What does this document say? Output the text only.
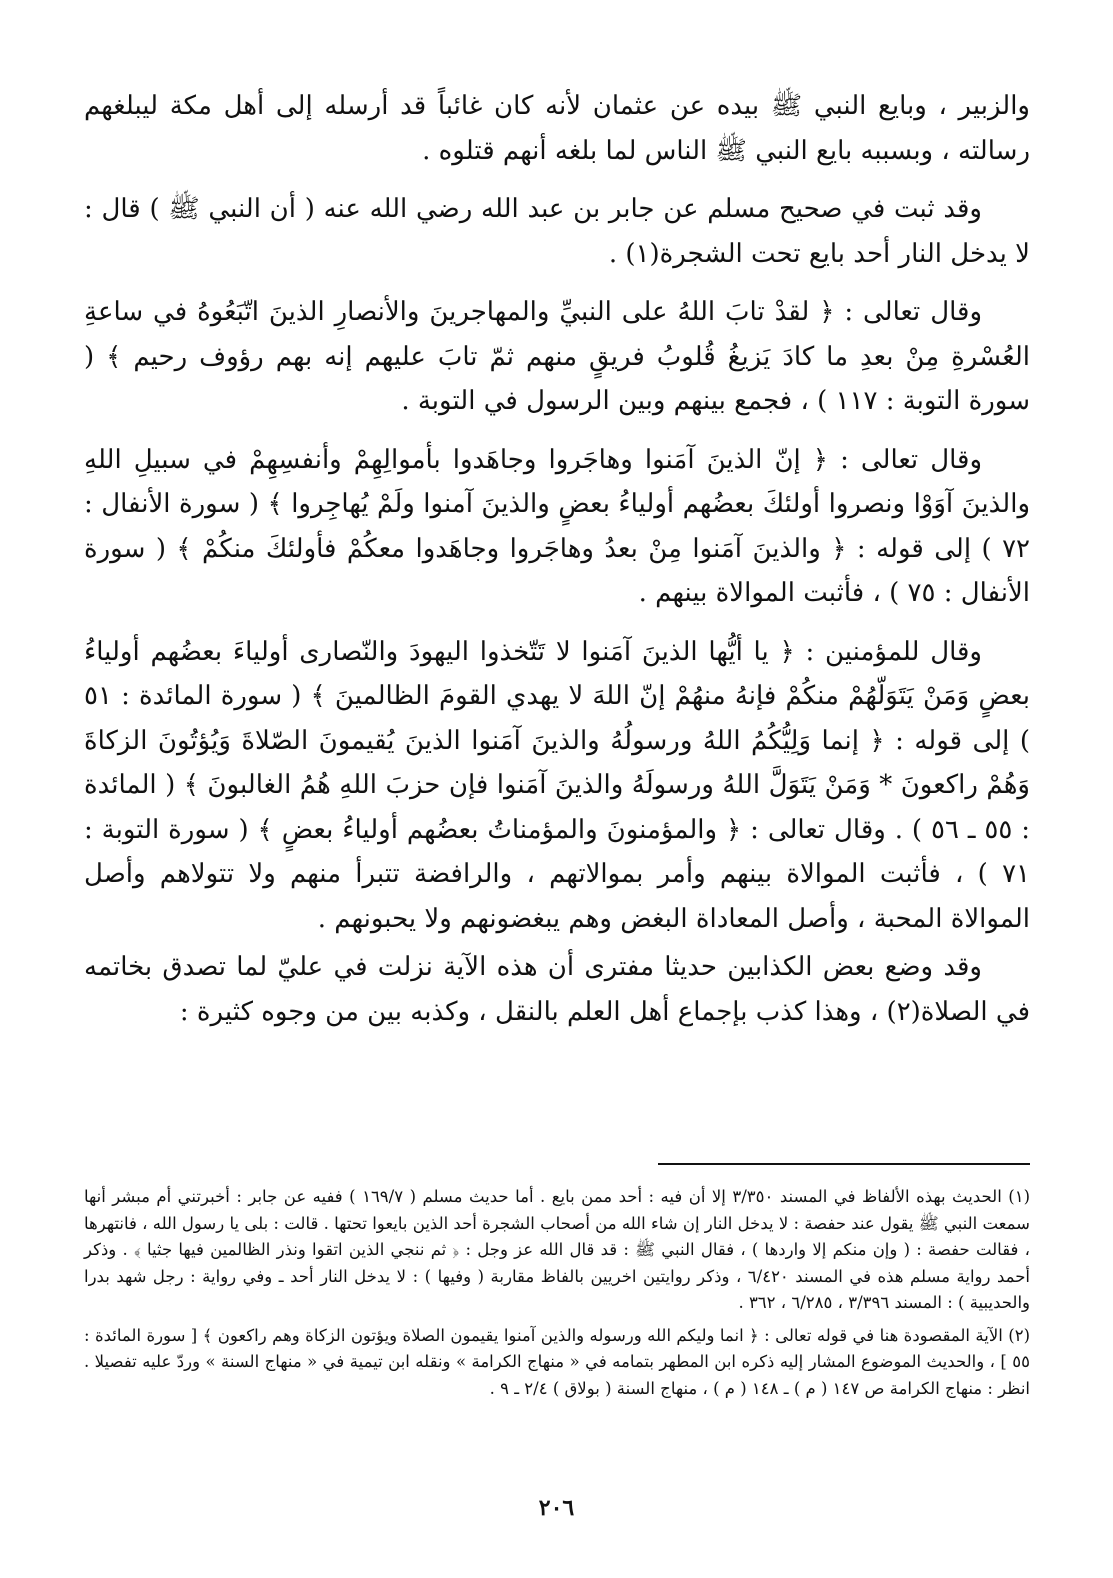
والزبير ، وبايع النبي ﷺ بيده عن عثمان لأنه كان غائباً قد أرسله إلى أهل مكة ليبلغهم رسالته ، وبسببه بايع النبي ﷺ الناس لما بلغه أنهم قتلوه .

وقد ثبت في صحيح مسلم عن جابر بن عبد الله رضي الله عنه ( أن النبي ﷺ ) قال : لا يدخل النار أحد بايع تحت الشجرة(١) .

وقال تعالى : ﴿ لقدْ تابَ اللهُ على النبيِّ والمهاجرينَ والأنصارِ الذينَ اتّبَعُوهُ في ساعةِ العُسْرةِ مِنْ بعدِ ما كادَ يَزيغُ قُلوبُ فريقٍ منهم ثمّ تابَ عليهم إنه بهم رؤوف رحيم ﴾ ( سورة التوبة : ١١٧ ) ، فجمع بينهم وبين الرسول في التوبة .

وقال تعالى : ﴿ إنّ الذينَ آمَنوا وهاجَروا وجاهَدوا بأموالِهِمْ وأنفسِهِمْ في سبيلِ اللهِ والذينَ آوَوْا ونصروا أولئكَ بعضُهم أولياءُ بعضٍ والذينَ آمنوا ولَمْ يُهاجِروا ﴾ ( سورة الأنفال : ٧٢ ) إلى قوله : ﴿ والذينَ آمَنوا مِنْ بعدُ وهاجَروا وجاهَدوا معكُمْ فأولئكَ منكُمْ ﴾ ( سورة الأنفال : ٧٥ ) ، فأثبت الموالاة بينهم .

وقال للمؤمنين : ﴿ يا أيُّها الذينَ آمَنوا لا تَتّخذوا اليهودَ والنّصارى أولياءَ بعضُهم أولياءُ بعضٍ وَمَنْ يَتَوَلّهُمْ منكُمْ فإنهُ منهُمْ إنّ اللهَ لا يهدي القومَ الظالمينَ ﴾ ( سورة المائدة : ٥١ ) إلى قوله : ﴿ إنما وَلِيُّكُمُ اللهُ ورسولُهُ والذينَ آمَنوا الذينَ يُقيمونَ الصّلاةَ وَيُؤتُونَ الزكاةَ وَهُمْ راكعونَ * وَمَنْ يَتَوَلَّ اللهُ ورسولَهُ والذينَ آمَنوا فإن حزبَ اللهِ هُمُ الغالبونَ ﴾ ( المائدة : ٥٥ ـ ٥٦ ) . وقال تعالى : ﴿ والمؤمنونَ والمؤمناتُ بعضُهم أولياءُ بعضٍ ﴾ ( سورة التوبة : ٧١ ) ، فأثبت الموالاة بينهم وأمر بموالاتهم ، والرافضة تتبرأ منهم ولا تتولاهم وأصل الموالاة المحبة ، وأصل المعاداة البغض وهم يبغضونهم ولا يحبونهم .

وقد وضع بعض الكذابين حديثا مفترى أن هذه الآية نزلت في عليّ لما تصدق بخاتمه في الصلاة(٢) ، وهذا كذب بإجماع أهل العلم بالنقل ، وكذبه بين من وجوه كثيرة :

(١) الحديث بهذه الألفاظ في المسند ٣/٣٥٠ إلا أن فيه : أحد ممن بايع . أما حديث مسلم ( ١٦٩/٧ ) ففيه عن جابر : أخبرتني أم مبشر أنها سمعت النبي ﷺ يقول عند حفصة : لا يدخل النار إن شاء الله من أصحاب الشجرة أحد الذين بايعوا تحتها . قالت : بلى يا رسول الله ، فانتهرها ، فقالت حفصة : ( وإن منكم إلا واردها ) ، فقال النبي ﷺ : قد قال الله عز وجل : ﴿ ثم ننجي الذين اتقوا ونذر الظالمين فيها جثيا ﴾ . وذكر أحمد رواية مسلم هذه في المسند ٦/٤٢٠ ، وذكر روايتين اخريين بالفاظ مقاربة ( وفيها ) : لا يدخل النار أحد ـ وفي رواية : رجل شهد بدرا والحديبية ) : المسند ٣/٣٩٦ ، ٦/٢٨٥ ، ٣٦٢ .

(٢) الآية المقصودة هنا في قوله تعالى : ﴿ انما وليكم الله ورسوله والذين آمنوا يقيمون الصلاة ويؤتون الزكاة وهم راكعون ﴾ [ سورة المائدة : ٥٥ ] ، والحديث الموضوع المشار إليه ذكره ابن المطهر بتمامه في « منهاج الكرامة » ونقله ابن تيمية في « منهاج السنة » وردّ عليه تفصيلا . انظر : منهاج الكرامة ص ١٤٧ ( م ) ـ ١٤٨ ( م ) ، منهاج السنة ( بولاق ) ٢/٤ ـ ٩ .

٢٠٦
